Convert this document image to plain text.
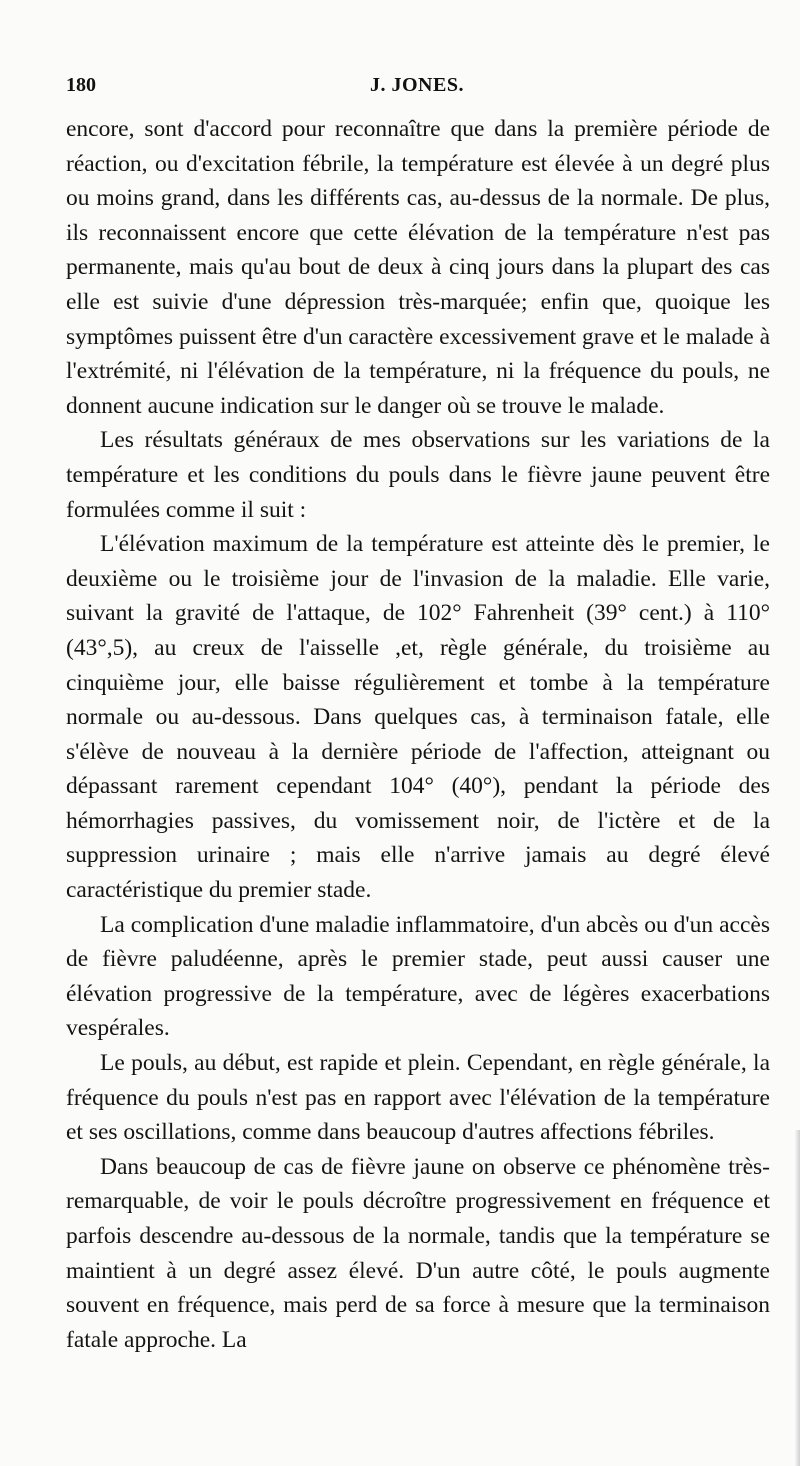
180	J. JONES.

encore, sont d'accord pour reconnaître que dans la première période de réaction, ou d'excitation fébrile, la température est élevée à un degré plus ou moins grand, dans les différents cas, au-dessus de la normale. De plus, ils reconnaissent encore que cette élévation de la température n'est pas permanente, mais qu'au bout de deux à cinq jours dans la plupart des cas elle est suivie d'une dépression très-marquée; enfin que, quoique les symptômes puissent être d'un caractère excessivement grave et le malade à l'extrémité, ni l'élévation de la température, ni la fréquence du pouls, ne donnent aucune indication sur le danger où se trouve le malade.

Les résultats généraux de mes observations sur les variations de la température et les conditions du pouls dans le fièvre jaune peuvent être formulées comme il suit :

L'élévation maximum de la température est atteinte dès le premier, le deuxième ou le troisième jour de l'invasion de la maladie. Elle varie, suivant la gravité de l'attaque, de 102° Fahrenheit (39° cent.) à 110° (43°,5), au creux de l'aisselle ,et, règle générale, du troisième au cinquième jour, elle baisse régulièrement et tombe à la température normale ou au-dessous. Dans quelques cas, à terminaison fatale, elle s'élève de nouveau à la dernière période de l'affection, atteignant ou dépassant rarement cependant 104° (40°), pendant la période des hémorrhagies passives, du vomissement noir, de l'ictère et de la suppression urinaire ; mais elle n'arrive jamais au degré élevé caractéristique du premier stade.

La complication d'une maladie inflammatoire, d'un abcès ou d'un accès de fièvre paludéenne, après le premier stade, peut aussi causer une élévation progressive de la température, avec de légères exacerbations vespérales.

Le pouls, au début, est rapide et plein. Cependant, en règle générale, la fréquence du pouls n'est pas en rapport avec l'élévation de la température et ses oscillations, comme dans beaucoup d'autres affections fébriles.

Dans beaucoup de cas de fièvre jaune on observe ce phénomène très-remarquable, de voir le pouls décroître progressivement en fréquence et parfois descendre au-dessous de la normale, tandis que la température se maintient à un degré assez élevé. D'un autre côté, le pouls augmente souvent en fréquence, mais perd de sa force à mesure que la terminaison fatale approche. La
